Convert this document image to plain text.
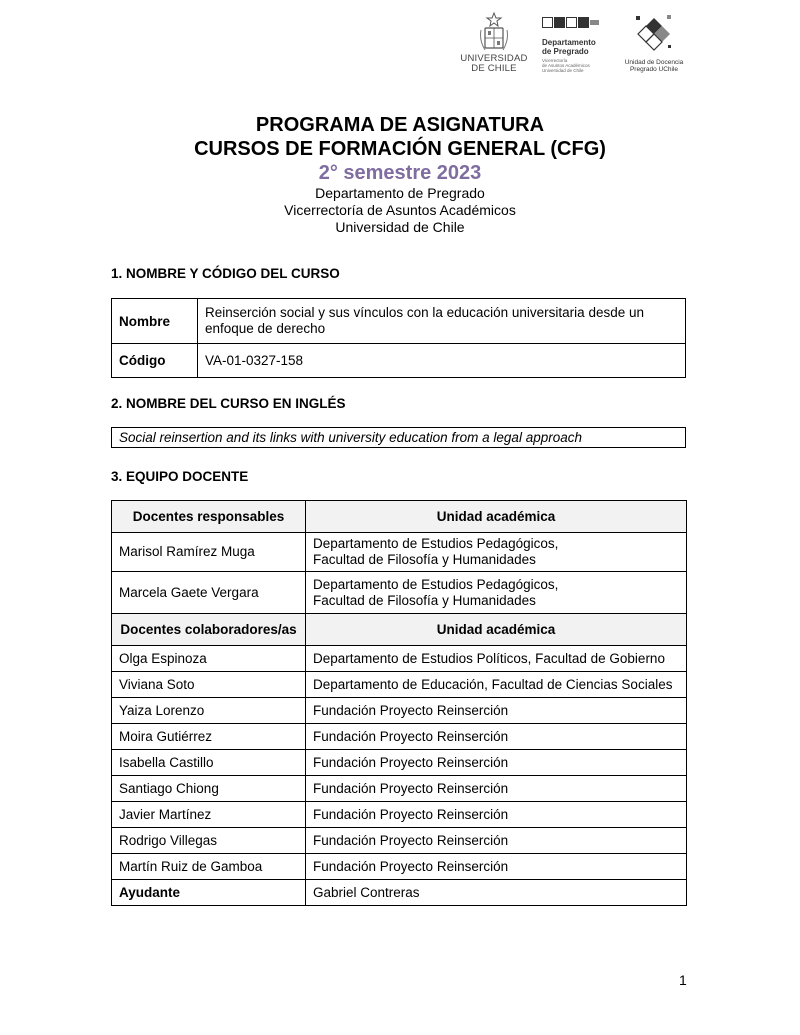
UNIVERSIDAD
DE CHILE
Departamento
de Pregrado
Vicerrectoría
de Asuntos Académicos
Universidad de Chile
Unidad de Docencia
Pregrado UChile
PROGRAMA DE ASIGNATURA
CURSOS DE FORMACIÓN GENERAL (CFG)
2° semestre 2023
Departamento de Pregrado
Vicerrectoría de Asuntos Académicos
Universidad de Chile
1. NOMBRE Y CÓDIGO DEL CURSO
Nombre	Reinserción social y sus vínculos con la educación universitaria desde un
enfoque de derecho

Código	VA-01-0327-158
2. NOMBRE DEL CURSO EN INGLÉS
Social reinsertion and its links with university education from a legal approach
3. EQUIPO DOCENTE
Docentes responsables	Unidad académica
Marisol Ramírez Muga	Departamento de Estudios Pedagógicos,
Facultad de Filosofía y Humanidades

Marcela Gaete Vergara	Departamento de Estudios Pedagógicos,
Facultad de Filosofía y Humanidades

Docentes colaboradores/as	Unidad académica
Olga Espinoza	Departamento de Estudios Políticos, Facultad de Gobierno
Viviana Soto	Departamento de Educación, Facultad de Ciencias Sociales
Yaiza Lorenzo	Fundación Proyecto Reinserción
Moira Gutiérrez	Fundación Proyecto Reinserción
Isabella Castillo	Fundación Proyecto Reinserción
Santiago Chiong	Fundación Proyecto Reinserción
Javier Martínez	Fundación Proyecto Reinserción
Rodrigo Villegas	Fundación Proyecto Reinserción
Martín Ruiz de Gamboa	Fundación Proyecto Reinserción
Ayudante	Gabriel Contreras
1
